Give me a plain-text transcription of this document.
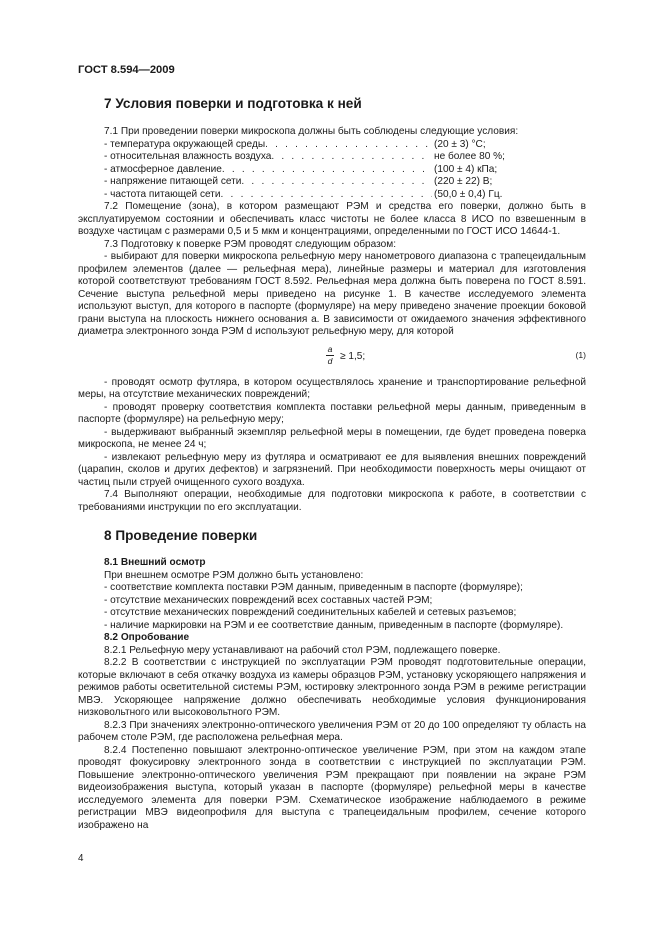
ГОСТ 8.594—2009
7 Условия поверки и подготовка к ней

7.1 При проведении поверки микроскопа должны быть соблюдены следующие условия:

- температура окружающей среды . . .	(20 ± 3) °С;
- относительная влажность воздуха . . .	не более 80 %;
- атмосферное давление . . .	(100 ± 4) кПа;
- напряжение питающей сети . . .	(220 ± 22) В;
- частота питающей сети . . .	(50,0 ± 0,4) Гц.

7.2 Помещение (зона), в котором размещают РЭМ и средства его поверки, должно быть в эксплуатируемом состоянии и обеспечивать класс чистоты не более класса 8 ИСО по взвешенным в воздухе частицам с размерами 0,5 и 5 мкм и концентрациями, определенными по ГОСТ ИСО 14644-1.

7.3 Подготовку к поверке РЭМ проводят следующим образом:

- выбирают для поверки микроскопа рельефную меру нанометрового диапазона с трапецеидальным профилем элементов (далее — рельефная мера), линейные размеры и материал для изготовления которой соответствуют требованиям ГОСТ 8.592. Рельефная мера должна быть поверена по ГОСТ 8.591. Сечение выступа рельефной меры приведено на рисунке 1. В качестве исследуемого элемента используют выступ, для которого в паспорте (формуляре) на меру приведено значение проекции боковой грани выступа на плоскость нижнего основания а. В зависимости от ожидаемого значения эффективного диаметра электронного зонда РЭМ d используют рельефную меру, для которой

a
d ≥ 1,5;	(1)

- проводят осмотр футляра, в котором осуществлялось хранение и транспортирование рельефной меры, на отсутствие механических повреждений;

- проводят проверку соответствия комплекта поставки рельефной меры данным, приведенным в паспорте (формуляре) на рельефную меру;

- выдерживают выбранный экземпляр рельефной меры в помещении, где будет проведена поверка микроскопа, не менее 24 ч;

- извлекают рельефную меру из футляра и осматривают ее для выявления внешних повреждений (царапин, сколов и других дефектов) и загрязнений. При необходимости поверхность меры очищают от частиц пыли струей очищенного сухого воздуха.

7.4 Выполняют операции, необходимые для подготовки микроскопа к работе, в соответствии с требованиями инструкции по его эксплуатации.

8 Проведение поверки
8.1 Внешний осмотр

При внешнем осмотре РЭМ должно быть установлено:

- соответствие комплекта поставки РЭМ данным, приведенным в паспорте (формуляре);

- отсутствие механических повреждений всех составных частей РЭМ;

- отсутствие механических повреждений соединительных кабелей и сетевых разъемов;

- наличие маркировки на РЭМ и ее соответствие данным, приведенным в паспорте (формуляре).

8.2 Опробование

8.2.1 Рельефную меру устанавливают на рабочий стол РЭМ, подлежащего поверке.

8.2.2 В соответствии с инструкцией по эксплуатации РЭМ проводят подготовительные операции, которые включают в себя откачку воздуха из камеры образцов РЭМ, установку ускоряющего напряжения и режимов работы осветительной системы РЭМ, юстировку электронного зонда РЭМ в режиме регистрации МВЭ. Ускоряющее напряжение должно обеспечивать необходимые условия функционирования низковольтного или высоковольтного РЭМ.

8.2.3 При значениях электронно-оптического увеличения РЭМ от 20 до 100 определяют ту область на рабочем столе РЭМ, где расположена рельефная мера.

8.2.4 Постепенно повышают электронно-оптическое увеличение РЭМ, при этом на каждом этапе проводят фокусировку электронного зонда в соответствии с инструкцией по эксплуатации РЭМ. Повышение электронно-оптического увеличения РЭМ прекращают при появлении на экране РЭМ видеоизображения выступа, который указан в паспорте (формуляре) рельефной меры в качестве исследуемого элемента для поверки РЭМ. Схематическое изображение наблюдаемого в режиме регистрации МВЭ видеопрофиля для выступа с трапецеидальным профилем, сечение которого изображено на

4
